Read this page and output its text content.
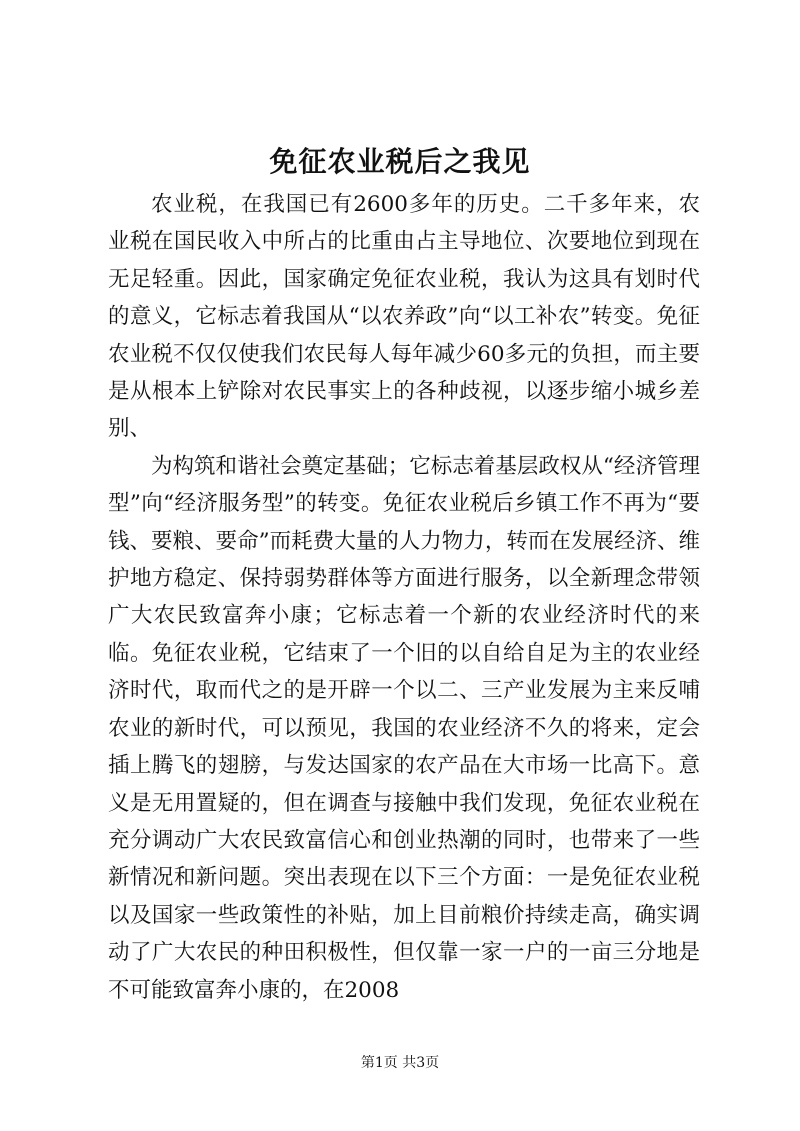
免征农业税后之我见

农业税，在我国已有2600多年的历史。二千多年来，农业税在国民收入中所占的比重由占主导地位、次要地位到现在无足轻重。因此，国家确定免征农业税，我认为这具有划时代的意义，它标志着我国从“以农养政”向“以工补农”转变。免征农业税不仅仅使我们农民每人每年减少60多元的负担，而主要是从根本上铲除对农民事实上的各种歧视，以逐步缩小城乡差别、

为构筑和谐社会奠定基础；它标志着基层政权从“经济管理型”向“经济服务型”的转变。免征农业税后乡镇工作不再为“要钱、要粮、要命”而耗费大量的人力物力，转而在发展经济、维护地方稳定、保持弱势群体等方面进行服务，以全新理念带领广大农民致富奔小康；它标志着一个新的农业经济时代的来临。免征农业税，它结束了一个旧的以自给自足为主的农业经济时代，取而代之的是开辟一个以二、三产业发展为主来反哺农业的新时代，可以预见，我国的农业经济不久的将来，定会插上腾飞的翅膀，与发达国家的农产品在大市场一比高下。意义是无用置疑的，但在调查与接触中我们发现，免征农业税在充分调动广大农民致富信心和创业热潮的同时，也带来了一些新情况和新问题。突出表现在以下三个方面：一是免征农业税以及国家一些政策性的补贴，加上目前粮价持续走高，确实调动了广大农民的种田积极性，但仅靠一家一户的一亩三分地是不可能致富奔小康的，在2008

第1页 共3页
